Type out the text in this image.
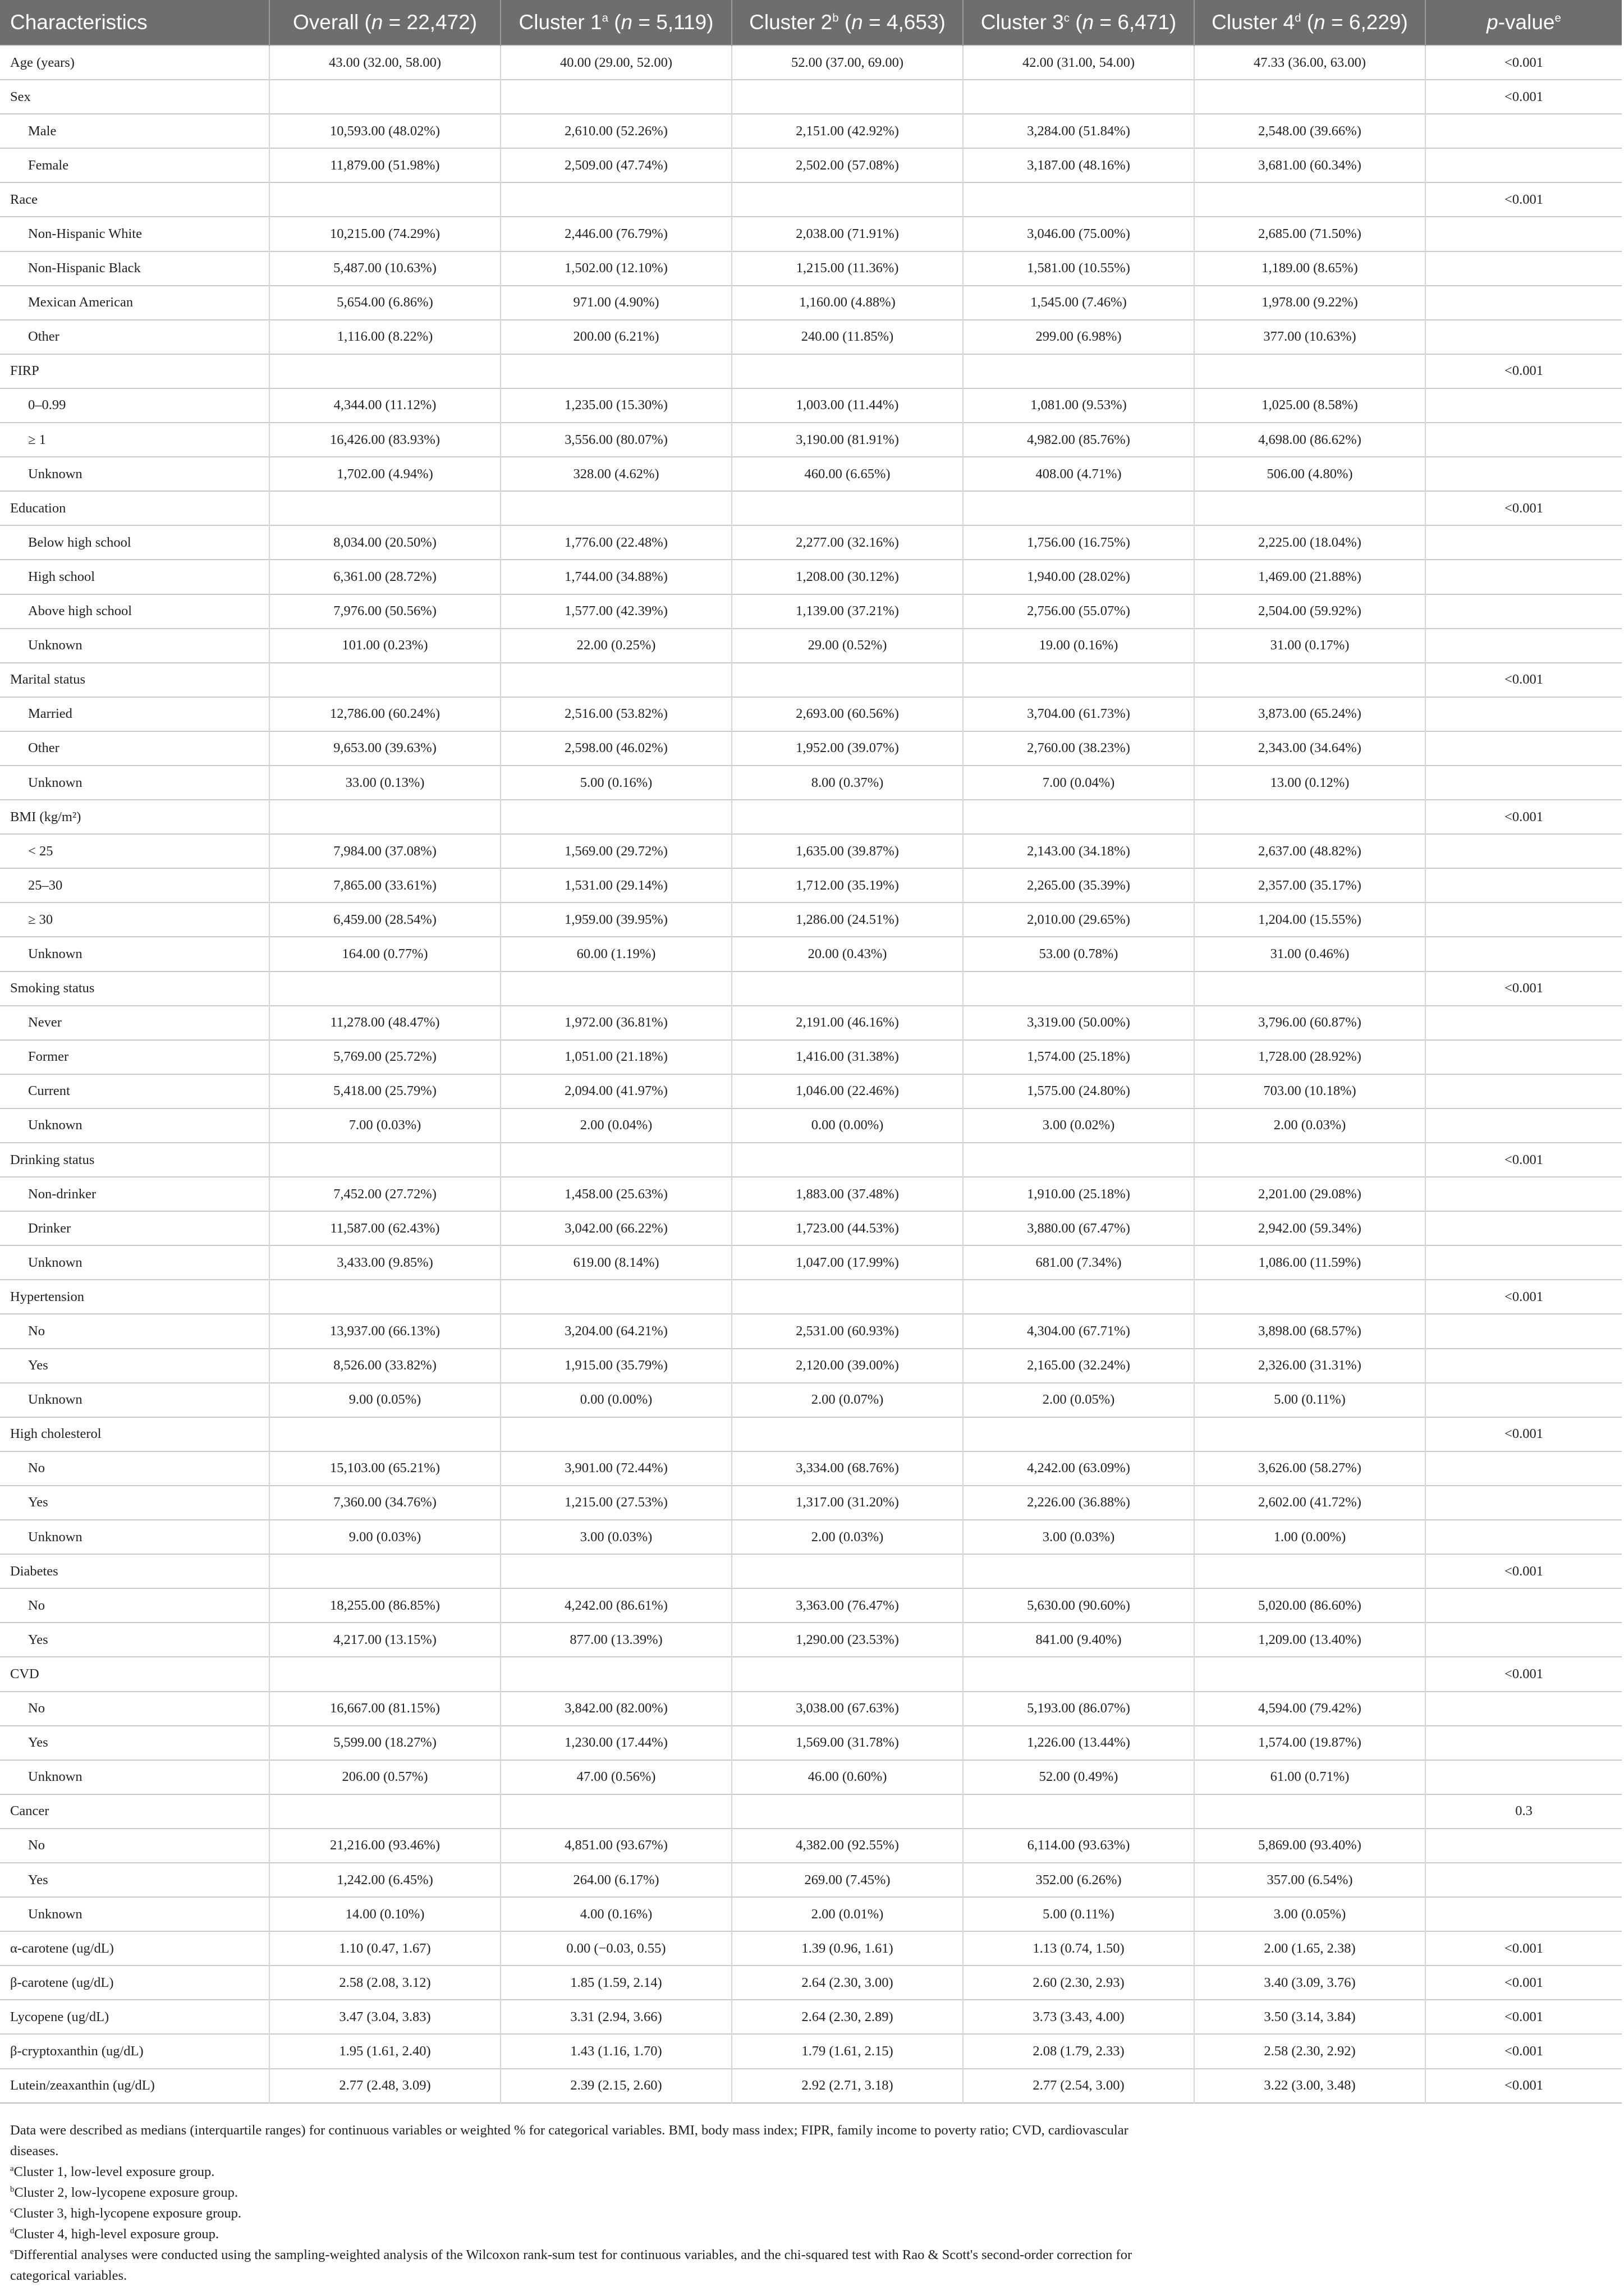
Characteristics	Overall (n = 22,472)	Cluster 1$^a$ (n = 5,119)	Cluster 2$^b$ (n = 4,653)	Cluster 3$^c$ (n = 6,471)	Cluster 4$^d$ (n = 6,229)	p-value$^e$
Age (years)	43.00 (32.00, 58.00)	40.00 (29.00, 52.00)	52.00 (37.00, 69.00)	42.00 (31.00, 54.00)	47.33 (36.00, 63.00)	<0.001
Sex						<0.001
Male	10,593.00 (48.02%)	2,610.00 (52.26%)	2,151.00 (42.92%)	3,284.00 (51.84%)	2,548.00 (39.66%)	
Female	11,879.00 (51.98%)	2,509.00 (47.74%)	2,502.00 (57.08%)	3,187.00 (48.16%)	3,681.00 (60.34%)	
Race						<0.001
Non-Hispanic White	10,215.00 (74.29%)	2,446.00 (76.79%)	2,038.00 (71.91%)	3,046.00 (75.00%)	2,685.00 (71.50%)	
Non-Hispanic Black	5,487.00 (10.63%)	1,502.00 (12.10%)	1,215.00 (11.36%)	1,581.00 (10.55%)	1,189.00 (8.65%)	
Mexican American	5,654.00 (6.86%)	971.00 (4.90%)	1,160.00 (4.88%)	1,545.00 (7.46%)	1,978.00 (9.22%)	
Other	1,116.00 (8.22%)	200.00 (6.21%)	240.00 (11.85%)	299.00 (6.98%)	377.00 (10.63%)	
FIRP						<0.001
0–0.99	4,344.00 (11.12%)	1,235.00 (15.30%)	1,003.00 (11.44%)	1,081.00 (9.53%)	1,025.00 (8.58%)	
≥ 1	16,426.00 (83.93%)	3,556.00 (80.07%)	3,190.00 (81.91%)	4,982.00 (85.76%)	4,698.00 (86.62%)	
Unknown	1,702.00 (4.94%)	328.00 (4.62%)	460.00 (6.65%)	408.00 (4.71%)	506.00 (4.80%)	
Education						<0.001
Below high school	8,034.00 (20.50%)	1,776.00 (22.48%)	2,277.00 (32.16%)	1,756.00 (16.75%)	2,225.00 (18.04%)	
High school	6,361.00 (28.72%)	1,744.00 (34.88%)	1,208.00 (30.12%)	1,940.00 (28.02%)	1,469.00 (21.88%)	
Above high school	7,976.00 (50.56%)	1,577.00 (42.39%)	1,139.00 (37.21%)	2,756.00 (55.07%)	2,504.00 (59.92%)	
Unknown	101.00 (0.23%)	22.00 (0.25%)	29.00 (0.52%)	19.00 (0.16%)	31.00 (0.17%)	
Marital status						<0.001
Married	12,786.00 (60.24%)	2,516.00 (53.82%)	2,693.00 (60.56%)	3,704.00 (61.73%)	3,873.00 (65.24%)	
Other	9,653.00 (39.63%)	2,598.00 (46.02%)	1,952.00 (39.07%)	2,760.00 (38.23%)	2,343.00 (34.64%)	
Unknown	33.00 (0.13%)	5.00 (0.16%)	8.00 (0.37%)	7.00 (0.04%)	13.00 (0.12%)	
BMI (kg/m²)						<0.001
< 25	7,984.00 (37.08%)	1,569.00 (29.72%)	1,635.00 (39.87%)	2,143.00 (34.18%)	2,637.00 (48.82%)	
25–30	7,865.00 (33.61%)	1,531.00 (29.14%)	1,712.00 (35.19%)	2,265.00 (35.39%)	2,357.00 (35.17%)	
≥ 30	6,459.00 (28.54%)	1,959.00 (39.95%)	1,286.00 (24.51%)	2,010.00 (29.65%)	1,204.00 (15.55%)	
Unknown	164.00 (0.77%)	60.00 (1.19%)	20.00 (0.43%)	53.00 (0.78%)	31.00 (0.46%)	
Smoking status						<0.001
Never	11,278.00 (48.47%)	1,972.00 (36.81%)	2,191.00 (46.16%)	3,319.00 (50.00%)	3,796.00 (60.87%)	
Former	5,769.00 (25.72%)	1,051.00 (21.18%)	1,416.00 (31.38%)	1,574.00 (25.18%)	1,728.00 (28.92%)	
Current	5,418.00 (25.79%)	2,094.00 (41.97%)	1,046.00 (22.46%)	1,575.00 (24.80%)	703.00 (10.18%)	
Unknown	7.00 (0.03%)	2.00 (0.04%)	0.00 (0.00%)	3.00 (0.02%)	2.00 (0.03%)	
Drinking status						<0.001
Non-drinker	7,452.00 (27.72%)	1,458.00 (25.63%)	1,883.00 (37.48%)	1,910.00 (25.18%)	2,201.00 (29.08%)	
Drinker	11,587.00 (62.43%)	3,042.00 (66.22%)	1,723.00 (44.53%)	3,880.00 (67.47%)	2,942.00 (59.34%)	
Unknown	3,433.00 (9.85%)	619.00 (8.14%)	1,047.00 (17.99%)	681.00 (7.34%)	1,086.00 (11.59%)	
Hypertension						<0.001
No	13,937.00 (66.13%)	3,204.00 (64.21%)	2,531.00 (60.93%)	4,304.00 (67.71%)	3,898.00 (68.57%)	
Yes	8,526.00 (33.82%)	1,915.00 (35.79%)	2,120.00 (39.00%)	2,165.00 (32.24%)	2,326.00 (31.31%)	
Unknown	9.00 (0.05%)	0.00 (0.00%)	2.00 (0.07%)	2.00 (0.05%)	5.00 (0.11%)	
High cholesterol						<0.001
No	15,103.00 (65.21%)	3,901.00 (72.44%)	3,334.00 (68.76%)	4,242.00 (63.09%)	3,626.00 (58.27%)	
Yes	7,360.00 (34.76%)	1,215.00 (27.53%)	1,317.00 (31.20%)	2,226.00 (36.88%)	2,602.00 (41.72%)	
Unknown	9.00 (0.03%)	3.00 (0.03%)	2.00 (0.03%)	3.00 (0.03%)	1.00 (0.00%)	
Diabetes						<0.001
No	18,255.00 (86.85%)	4,242.00 (86.61%)	3,363.00 (76.47%)	5,630.00 (90.60%)	5,020.00 (86.60%)	
Yes	4,217.00 (13.15%)	877.00 (13.39%)	1,290.00 (23.53%)	841.00 (9.40%)	1,209.00 (13.40%)	
CVD						<0.001
No	16,667.00 (81.15%)	3,842.00 (82.00%)	3,038.00 (67.63%)	5,193.00 (86.07%)	4,594.00 (79.42%)	
Yes	5,599.00 (18.27%)	1,230.00 (17.44%)	1,569.00 (31.78%)	1,226.00 (13.44%)	1,574.00 (19.87%)	
Unknown	206.00 (0.57%)	47.00 (0.56%)	46.00 (0.60%)	52.00 (0.49%)	61.00 (0.71%)	
Cancer						0.3
No	21,216.00 (93.46%)	4,851.00 (93.67%)	4,382.00 (92.55%)	6,114.00 (93.63%)	5,869.00 (93.40%)	
Yes	1,242.00 (6.45%)	264.00 (6.17%)	269.00 (7.45%)	352.00 (6.26%)	357.00 (6.54%)	
Unknown	14.00 (0.10%)	4.00 (0.16%)	2.00 (0.01%)	5.00 (0.11%)	3.00 (0.05%)	
α-carotene (ug/dL)	1.10 (0.47, 1.67)	0.00 (−0.03, 0.55)	1.39 (0.96, 1.61)	1.13 (0.74, 1.50)	2.00 (1.65, 2.38)	<0.001
β-carotene (ug/dL)	2.58 (2.08, 3.12)	1.85 (1.59, 2.14)	2.64 (2.30, 3.00)	2.60 (2.30, 2.93)	3.40 (3.09, 3.76)	<0.001
Lycopene (ug/dL)	3.47 (3.04, 3.83)	3.31 (2.94, 3.66)	2.64 (2.30, 2.89)	3.73 (3.43, 4.00)	3.50 (3.14, 3.84)	<0.001
β-cryptoxanthin (ug/dL)	1.95 (1.61, 2.40)	1.43 (1.16, 1.70)	1.79 (1.61, 2.15)	2.08 (1.79, 2.33)	2.58 (2.30, 2.92)	<0.001
Lutein/zeaxanthin (ug/dL)	2.77 (2.48, 3.09)	2.39 (2.15, 2.60)	2.92 (2.71, 3.18)	2.77 (2.54, 3.00)	3.22 (3.00, 3.48)	<0.001
Data were described as medians (interquartile ranges) for continuous variables or weighted % for categorical variables. BMI, body mass index; FIPR, family income to poverty ratio; CVD, cardiovascular diseases.
$^a$Cluster 1, low-level exposure group.
$^b$Cluster 2, low-lycopene exposure group.
$^c$Cluster 3, high-lycopene exposure group.
$^d$Cluster 4, high-level exposure group.
$^e$Differential analyses were conducted using the sampling-weighted analysis of the Wilcoxon rank-sum test for continuous variables, and the chi-squared test with Rao & Scott's second-order correction for categorical variables.
